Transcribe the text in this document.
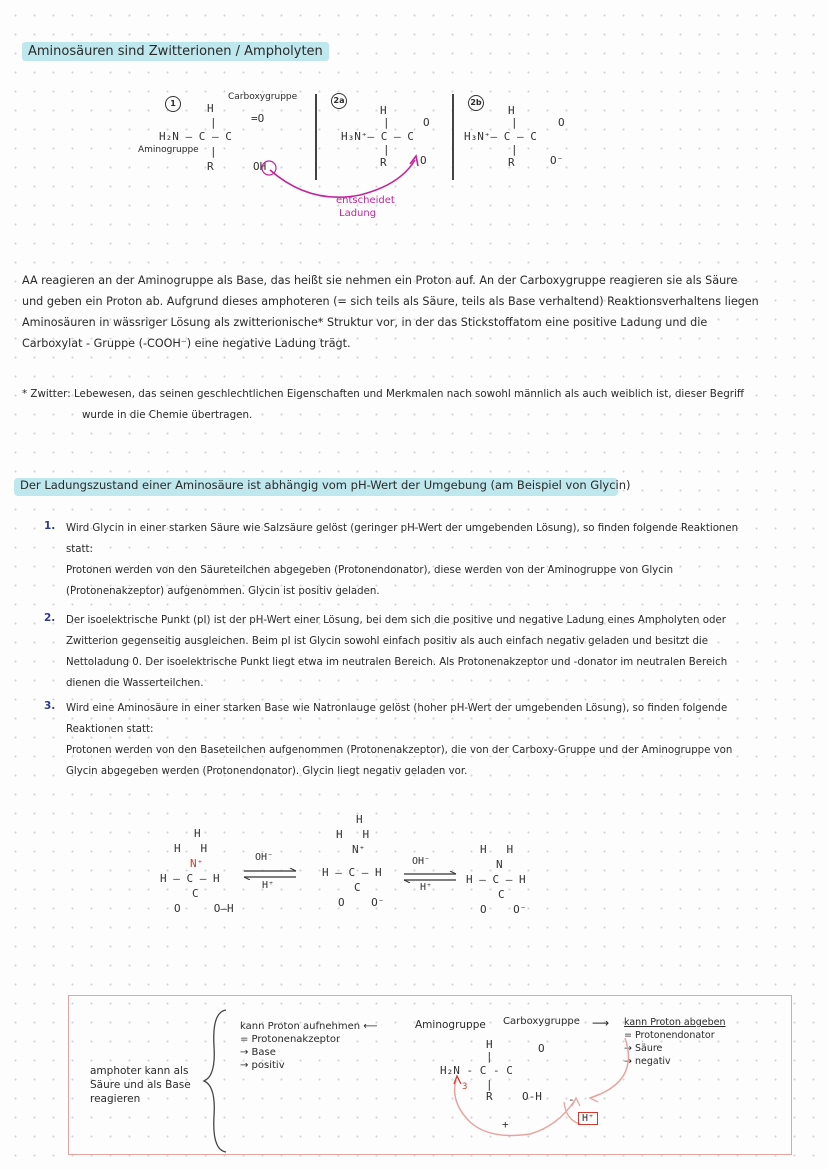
Aminosäuren sind Zwitterionen / Ampholyten
1
Carboxygruppe
H
|
H₂N — C — C
=O
Aminogruppe |
R	OH
2a
H
|
H₃N⁺— C — C
O
|
R	O
2b
H
|
H₃N⁺— C — C
O
|
R	O⁻
entscheidet
Ladung
AA reagieren an der Aminogruppe als Base, das heißt sie nehmen ein Proton auf. An der Carboxygruppe reagieren sie als Säure
und geben ein Proton ab. Aufgrund dieses amphoteren (= sich teils als Säure, teils als Base verhaltend) Reaktionsverhaltens liegen
Aminosäuren in wässriger Lösung als zwitterionische* Struktur vor, in der das Stickstoffatom eine positive Ladung und die
Carboxylat - Gruppe (-COOH⁻) eine negative Ladung trägt.
* Zwitter: Lebewesen, das seinen geschlechtlichen Eigenschaften und Merkmalen nach sowohl männlich als auch weiblich ist, dieser Begriff
wurde in die Chemie übertragen.
Der Ladungszustand einer Aminosäure ist abhängig vom pH-Wert der Umgebung (am Beispiel von Glycin)
1. Wird Glycin in einer starken Säure wie Salzsäure gelöst (geringer pH-Wert der umgebenden Lösung), so finden folgende Reaktionen
statt:
Protonen werden von den Säureteilchen abgegeben (Protonendonator), diese werden von der Aminogruppe von Glycin
(Protonenakzeptor) aufgenommen. Glycin ist positiv geladen.
2. Der isoelektrische Punkt (pI) ist der pH-Wert einer Lösung, bei dem sich die positive und negative Ladung eines Ampholyten oder
Zwitterion gegenseitig ausgleichen. Beim pI ist Glycin sowohl einfach positiv als auch einfach negativ geladen und besitzt die
Nettoladung 0. Der isoelektrische Punkt liegt etwa im neutralen Bereich. Als Protonenakzeptor und -donator im neutralen Bereich
dienen die Wasserteilchen.
3. Wird eine Aminosäure in einer starken Base wie Natronlauge gelöst (hoher pH-Wert der umgebenden Lösung), so finden folgende
Reaktionen statt:
Protonen werden von den Baseteilchen aufgenommen (Protonenakzeptor), die von der Carboxy-Gruppe und der Aminogruppe von
Glycin abgegeben werden (Protonendonator). Glycin liegt negativ geladen vor.
H
H   H
N⁺
H — C — H
C
O     O—H
OH⁻
H⁺
H
H   H
N⁺
H — C — H
C
O    O⁻
OH⁻
H⁺
H   H
N
H — C — H
C
O    O⁻
amphoter kann als
Säure und als Base
reagieren
kann Proton aufnehmen ⟵
= Protonenakzeptor
→ Base
→ positiv
Aminogruppe Carboxygruppe ⟶ kann Proton abgeben
= Protonendonator
→ Säure
→ negativ
H
|
H₂N - C - C
O
|
R	O-H
3
+	H⁺
-
